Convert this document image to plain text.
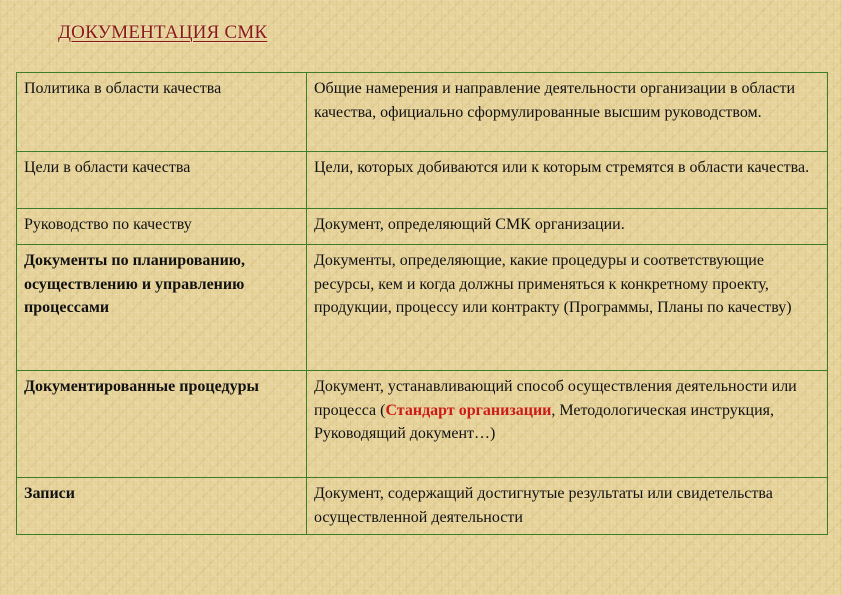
ДОКУМЕНТАЦИЯ СМК
Политика в области качества	Общие намерения и направление деятельности организации в области качества, официально сформулированные высшим руководством.
Цели в области качества	Цели, которых добиваются или к которым стремятся в области качества.
Руководство по качеству	Документ, определяющий СМК организации.
Документы по планированию, осуществлению и управлению процессами	Документы, определяющие, какие процедуры и соответствующие ресурсы, кем и когда должны применяться к конкретному проекту, продукции, процессу или контракту (Программы, Планы по качеству)
Документированные процедуры	Документ, устанавливающий способ осуществления деятельности или процесса (Стандарт организации, Методологическая инструкция, Руководящий документ…)
Записи	Документ, содержащий достигнутые результаты или свидетельства осуществленной деятельности
